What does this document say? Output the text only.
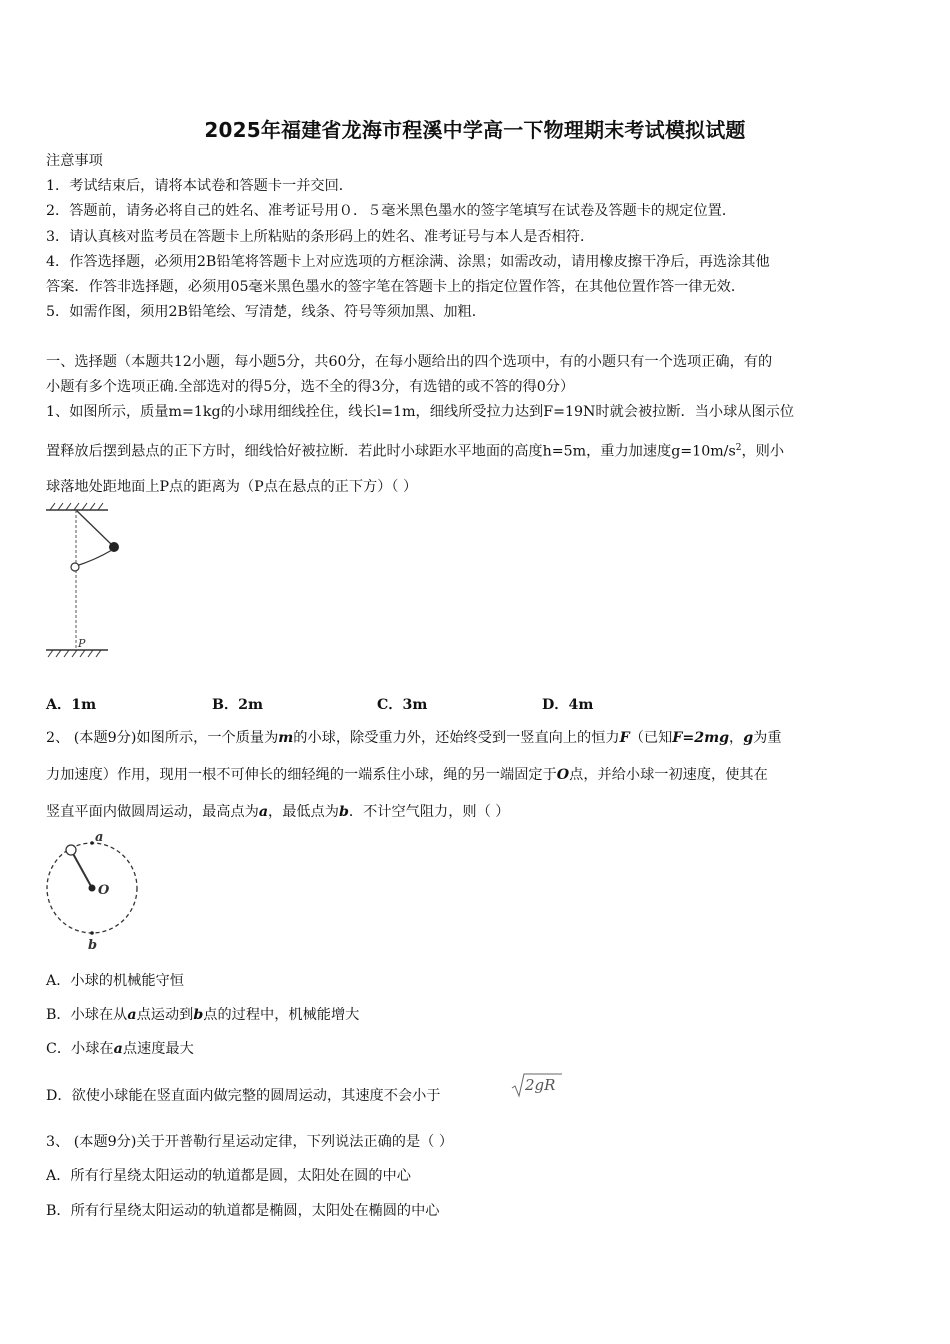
2025年福建省龙海市程溪中学高一下物理期末考试模拟试题
注意事项
1．考试结束后，请将本试卷和答题卡一并交回．
2．答题前，请务必将自己的姓名、准考证号用０．５毫米黑色墨水的签字笔填写在试卷及答题卡的规定位置．
3．请认真核对监考员在答题卡上所粘贴的条形码上的姓名、准考证号与本人是否相符．
4．作答选择题，必须用2B铅笔将答题卡上对应选项的方框涂满、涂黑；如需改动，请用橡皮擦干净后，再选涂其他
答案．作答非选择题，必须用05毫米黑色墨水的签字笔在答题卡上的指定位置作答，在其他位置作答一律无效．
5．如需作图，须用2B铅笔绘、写清楚，线条、符号等须加黑、加粗．
一、选择题（本题共12小题，每小题5分，共60分，在每小题给出的四个选项中，有的小题只有一个选项正确，有的
小题有多个选项正确.全部选对的得5分，选不全的得3分，有选错的或不答的得0分）
1、如图所示，质量m=1kg的小球用细线拴住，线长l=1m，细线所受拉力达到F=19N时就会被拉断．当小球从图示位
置释放后摆到悬点的正下方时，细线恰好被拉断．若此时小球距水平地面的高度h=5m，重力加速度$g=10m/s^2$，则小
球落地处距地面上P点的距离为（P点在悬点的正下方）（ ）
P
A．1m	B．2m	C．3m	D．4m
2、 (本题9分)如图所示，一个质量为m的小球，除受重力外，还始终受到一竖直向上的恒力F（已知F=2mg，g为重
力加速度）作用，现用一根不可伸长的细轻绳的一端系住小球，绳的另一端固定于O点，并给小球一初速度，使其在
竖直平面内做圆周运动，最高点为a，最低点为b．不计空气阻力，则（ ）
a
O
b
A．小球的机械能守恒
B．小球在从a点运动到b点的过程中，机械能增大
C．小球在a点速度最大
D．欲使小球能在竖直面内做完整的圆周运动，其速度不会小于
2gR
3、 (本题9分)关于开普勒行星运动定律，下列说法正确的是（ ）
A．所有行星绕太阳运动的轨道都是圆，太阳处在圆的中心
B．所有行星绕太阳运动的轨道都是椭圆，太阳处在椭圆的中心
